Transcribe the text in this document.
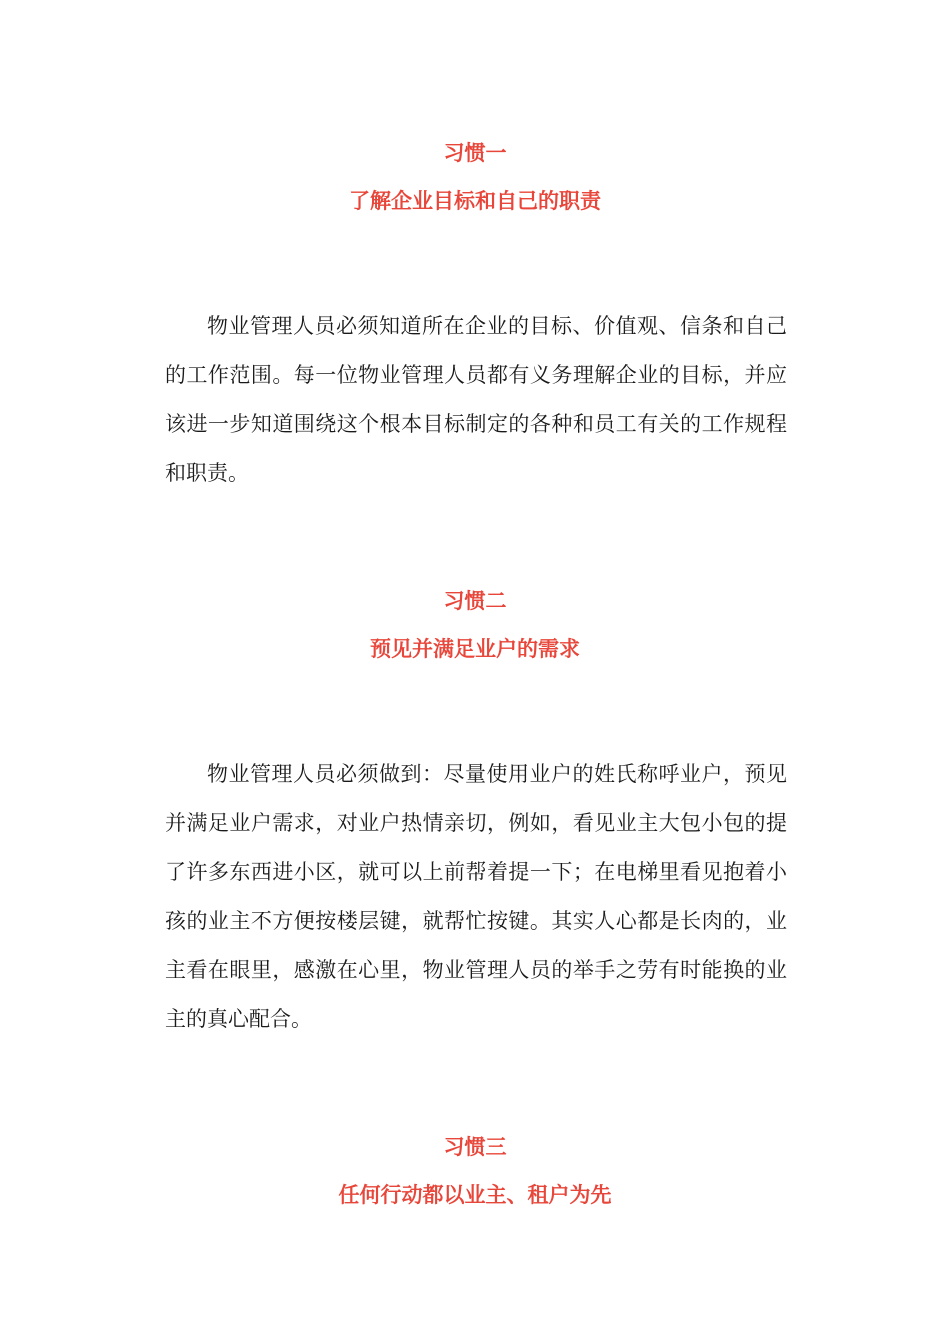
习惯一
了解企业目标和自己的职责

物业管理人员必须知道所在企业的目标、价值观、信条和自己的工作范围。每一位物业管理人员都有义务理解企业的目标，并应该进一步知道围绕这个根本目标制定的各种和员工有关的工作规程和职责。

习惯二
预见并满足业户的需求

物业管理人员必须做到：尽量使用业户的姓氏称呼业户，预见并满足业户需求，对业户热情亲切，例如，看见业主大包小包的提了许多东西进小区，就可以上前帮着提一下；在电梯里看见抱着小孩的业主不方便按楼层键，就帮忙按键。其实人心都是长肉的，业主看在眼里，感激在心里，物业管理人员的举手之劳有时能换的业主的真心配合。

习惯三
任何行动都以业主、租户为先
